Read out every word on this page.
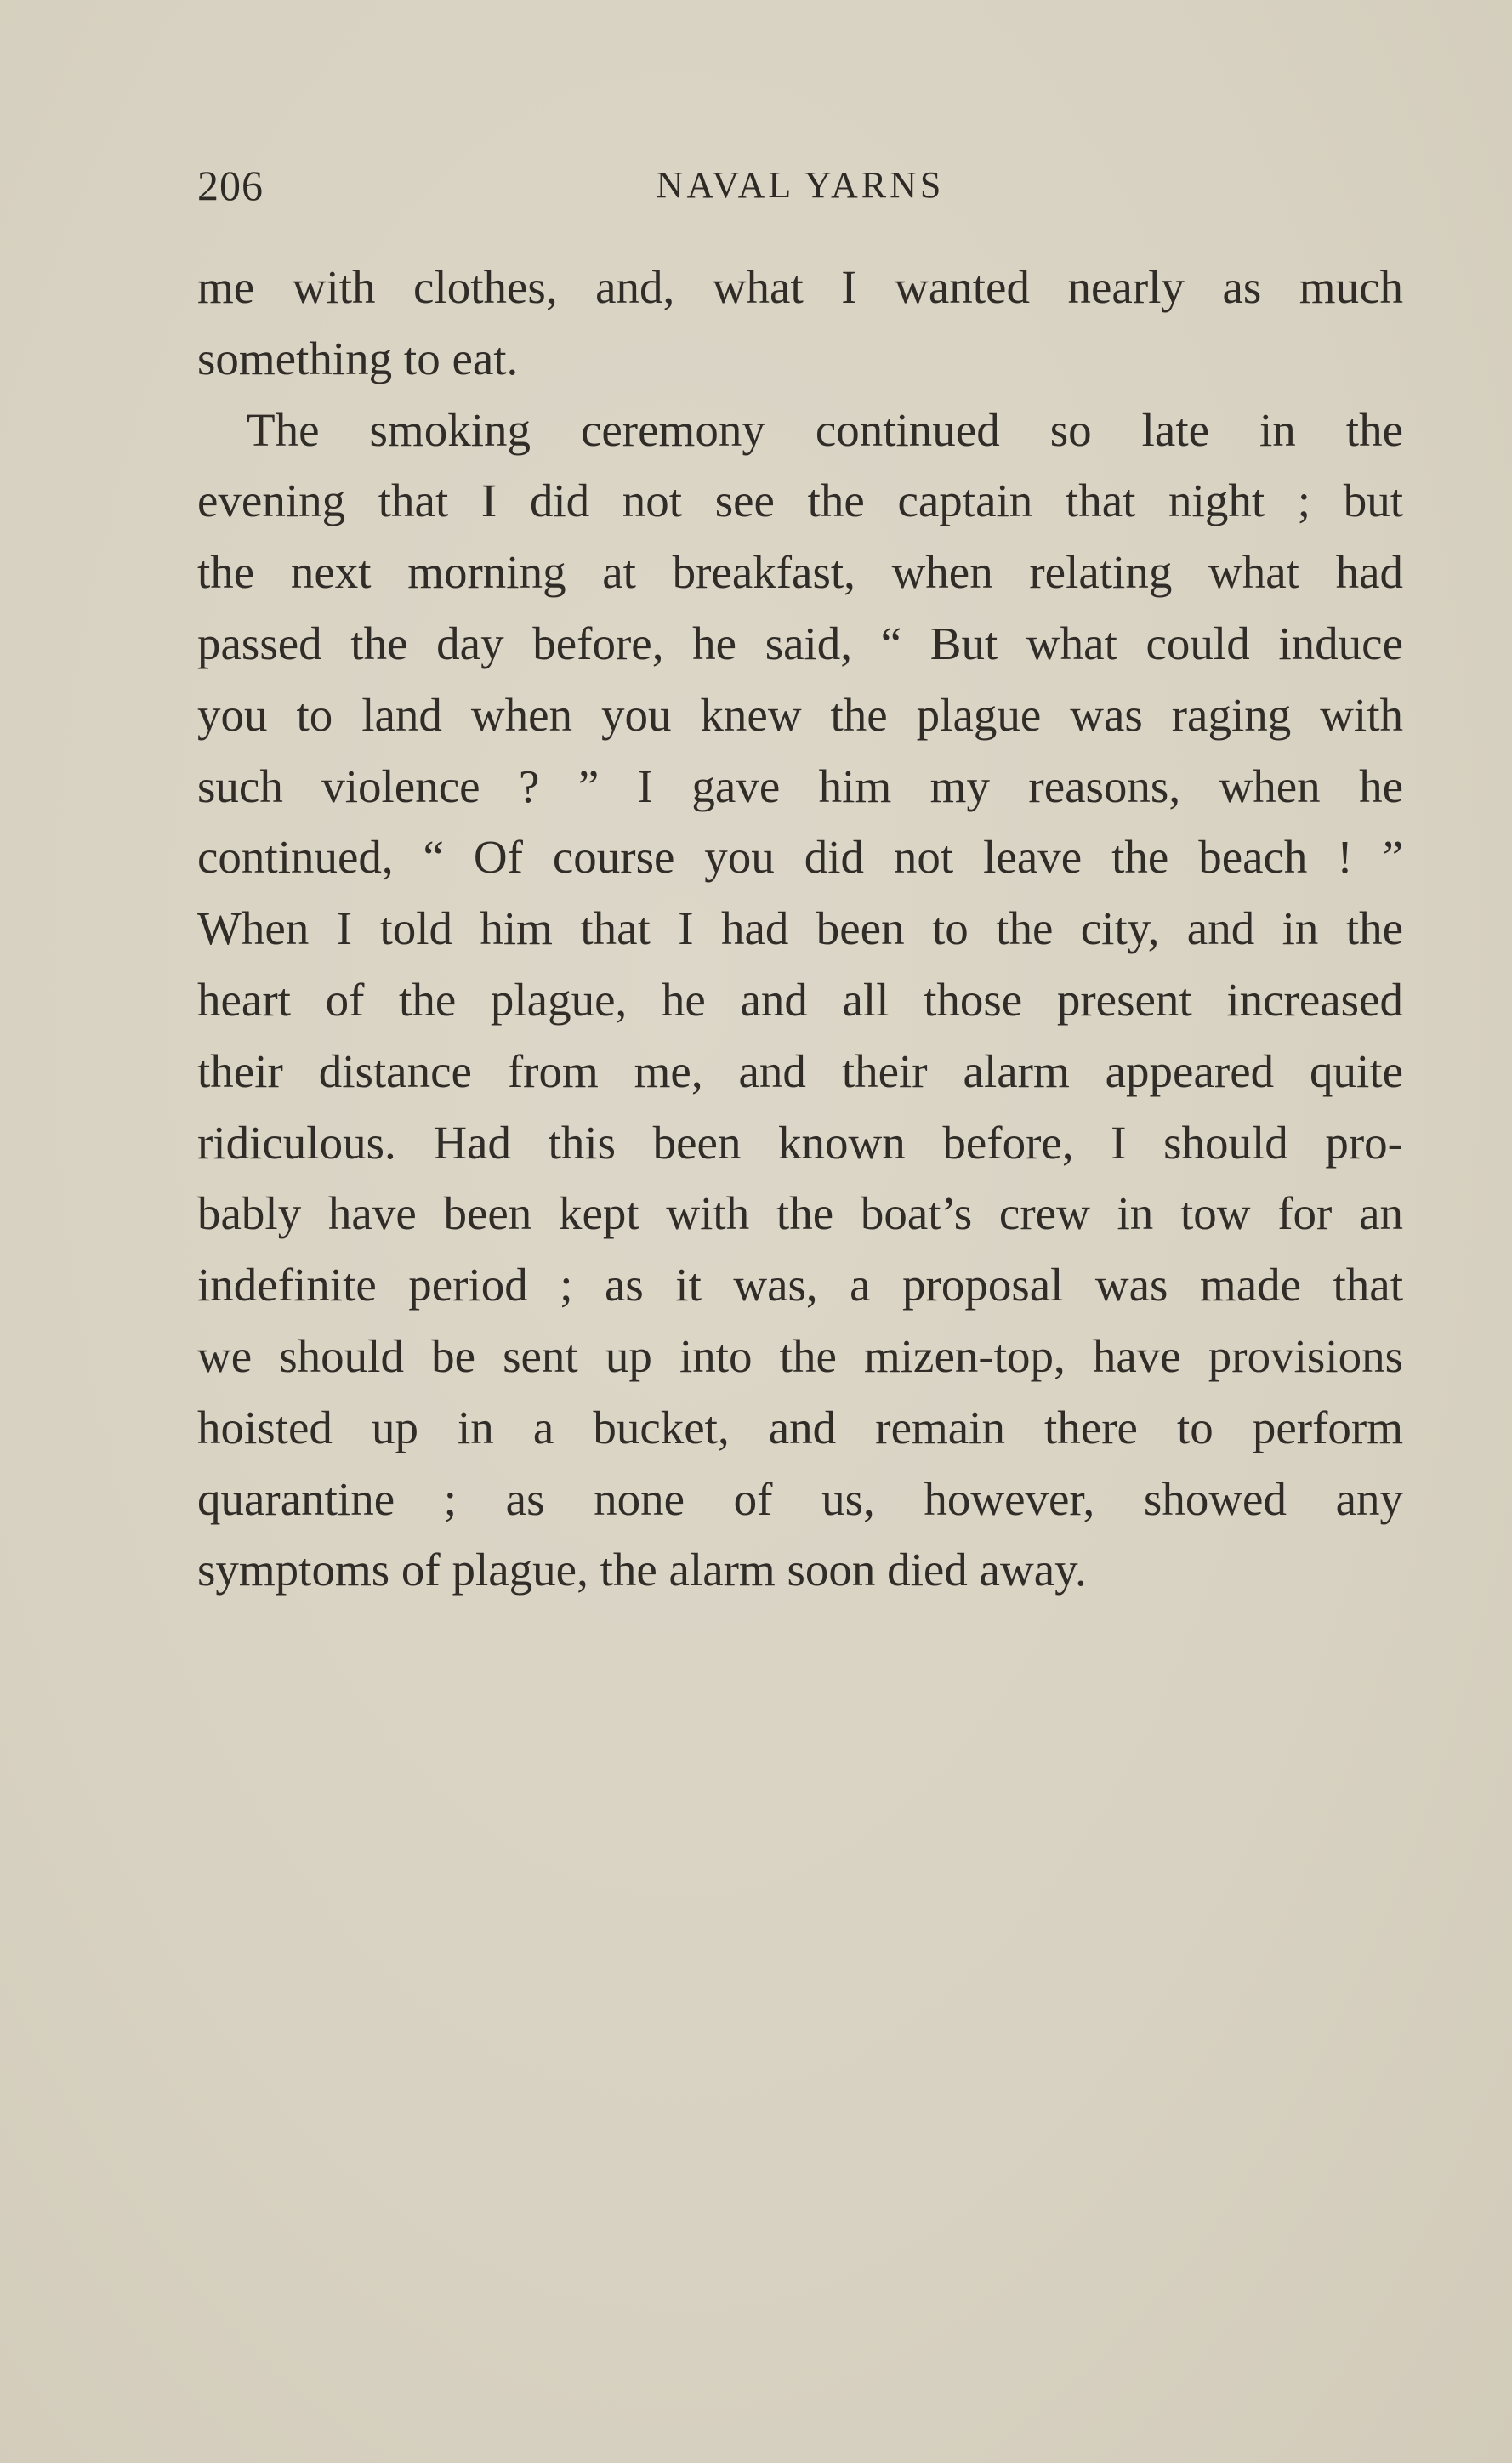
206	NAVAL YARNS
me with clothes, and, what I wanted nearly as much
something to eat.
The smoking ceremony continued so late in the
evening that I did not see the captain that night ; but
the next morning at breakfast, when relating what had
passed the day before, he said, “ But what could induce
you to land when you knew the plague was raging with
such violence ? ” I gave him my reasons, when he
continued, “ Of course you did not leave the beach ! ”
When I told him that I had been to the city, and in the
heart of the plague, he and all those present increased
their distance from me, and their alarm appeared quite
ridiculous. Had this been known before, I should pro-
bably have been kept with the boat’s crew in tow for an
indefinite period ; as it was, a proposal was made that
we should be sent up into the mizen-top, have provisions
hoisted up in a bucket, and remain there to perform
quarantine ; as none of us, however, showed any
symptoms of plague, the alarm soon died away.
